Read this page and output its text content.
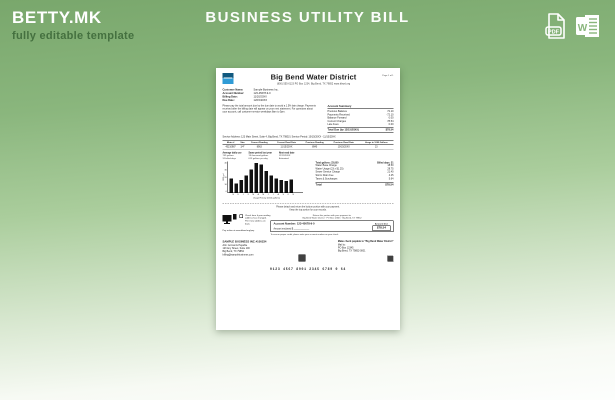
BETTY.MK
fully editable template
BUSINESS UTILITY BILL
PDF W
Big Bend Water District
(800) 555-0123 PO Box 1234, Big Bend, TX 79852 www.bbwd.org
Page 1 of 1
Customer Name:	Sample Business Inc.
Account Number:	123-45678-9-0
Billing Date:	11/20/20XX
Due Date:	12/15/20XX
Please pay the total amount due by the due date to avoid a 1.5% late charge. Payments received after the billing date will appear on your next statement. For questions about your account, call customer service weekdays 8am to 5pm.
Account Summary
Previous Balance	72.10
Payments Received	-72.10
Balance Forward	0.00
Current Charges	78.54
Late Fees	0.00
Total Due (by 12/15/20XX)	$78.54
Service Address: 123 Main Street, Suite 4, Big Bend, TX 79852 | Service Period: 10/15/20XX - 11/15/20XX
Meter #	Size	Current Reading	Current Read Date	Previous Reading	Previous Read Date	Usage in 1000 Gallons
45210987	3/4"	8963	11/15/20XX	8940	10/15/20XX	23
Average daily use
742 gallons
31 billed days
Same period last year
19 thousand gallons
613 gallons per day
Next read date
12/15/20XX
Estimated
1000 gal
40
30
20
10
0
N	D	J	F	M	A	M	J	J	A	S	O	N
Usage History (1000 gallons)
Total gallons: 23,000	Billed days: 31
Water Base Charge	18.50
Water Usage (23 x $1.25)	28.75
Sewer Service Charge	21.40
Storm Drain Fee	4.25
Taxes & Surcharges	5.64
Total	$78.54
Please detach and return the bottom portion with your payment.
Keep the top portion for your records.
Check here if your mailing address has changed.
Print new address on back.
Pay online at www.bbwd.org/pay
Return this portion with your payment to:
Big Bend Water District · PO Box 12345 · Big Bend, TX 79852
Account Number: 123-45678-9-0
Amount enclosed $ ____________
Amount Due
$78.54
To ensure proper credit, please write your account number on your check.
SAMPLE BUSINESS INC #100234
Attn: Accounts Payable
123 Any Street, Suite 100
Big Bend, TX 79852
billing@samplebusiness.com
Make check payable to "Big Bend Water District"
Mail to:
PO Box 12345
Big Bend, TX 79852-0001
0123 4567 8901 2345 6789 0 64
